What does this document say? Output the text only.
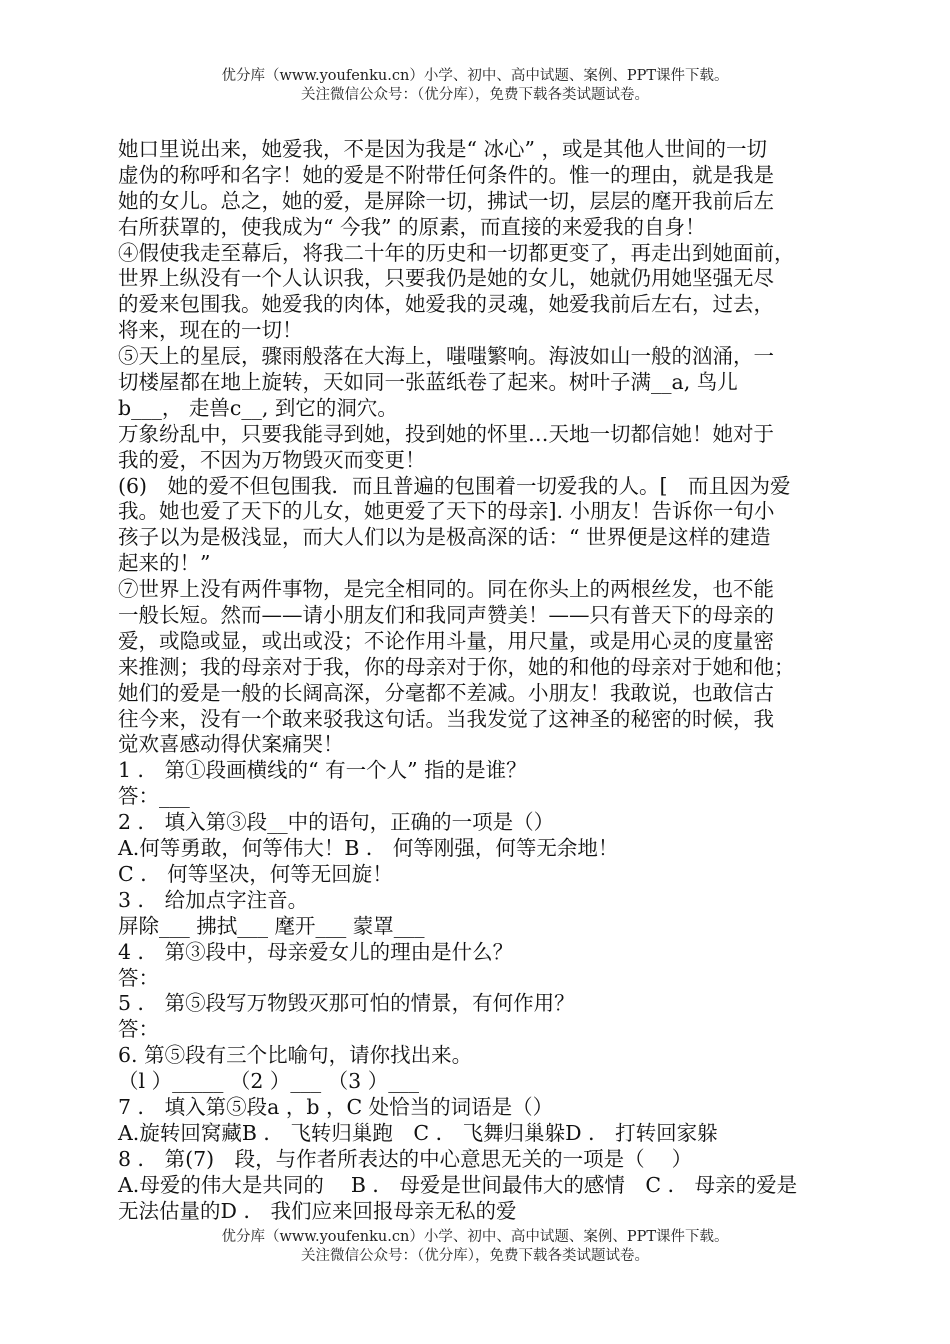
优分库（www.youfenku.cn）小学、初中、高中试题、案例、PPT课件下载。
关注微信公众号：（优分库），免费下载各类试题试卷。
她口里说出来，她爱我，不是因为我是“ 冰心” ，或是其他人世间的一切
虚伪的称呼和名字！她的爱是不附带任何条件的。惟一的理由，就是我是
她的女儿。总之，她的爱，是屏除一切，拂试一切，层层的麾开我前后左
右所获罩的，使我成为“ 今我” 的原素，而直接的来爱我的自身！
④假使我走至幕后，将我二十年的历史和一切都更变了，再走出到她面前，
世界上纵没有一个人认识我，只要我仍是她的女儿，她就仍用她坚强无尽
的爱来包围我。她爱我的肉体，她爱我的灵魂，她爱我前后左右，过去，
将来，现在的一切！
⑤天上的星辰，骤雨般落在大海上，嗤嗤繁响。海波如山一般的汹涌，一
切楼屋都在地上旋转，天如同一张蓝纸卷了起来。树叶子满__a, 鸟儿
b___， 走兽c__, 到它的洞穴。
万象纷乱中，只要我能寻到她，投到她的怀里…天地一切都信她！她对于
我的爱，不因为万物毁灭而变更！
(6)　她的爱不但包围我．而且普遍的包围着一切爱我的人。[　而且因为爱
我。她也爱了天下的儿女，她更爱了天下的母亲]. 小朋友！告诉你一句小
孩子以为是极浅显，而大人们以为是极高深的话：“ 世界便是这样的建造
起来的！”
⑦世界上没有两件事物，是完全相同的。同在你头上的两根丝发，也不能
一般长短。然而——请小朋友们和我同声赞美！——只有普天下的母亲的
爱，或隐或显，或出或没；不论作用斗量，用尺量，或是用心灵的度量密
来推测；我的母亲对于我，你的母亲对于你，她的和他的母亲对于她和他；
她们的爱是一般的长阔高深，分毫都不差减。小朋友！我敢说，也敢信古
往今来，没有一个敢来驳我这句话。当我发觉了这神圣的秘密的时候，我
觉欢喜感动得伏案痛哭！
1 ． 第①段画横线的“ 有一个人” 指的是谁？
答：___
2 ． 填入第③段__中的语句，正确的一项是（）
A.何等勇敢，何等伟大！B ． 何等刚强，何等无余地！
C ． 何等坚决，何等无回旋！
3 ． 给加点字注音。
屏除___ 拂拭___ 麾开___ 蒙罩___
4 ． 第③段中，母亲爱女儿的理由是什么？
答：
5 ． 第⑤段写万物毁灭那可怕的情景，有何作用？
答：
6. 第⑤段有三个比喻句，请你找出来。
（l ）_____ （2 ）___ （3 ）___
7 ． 填入第⑤段a ，b ，C 处恰当的词语是（）
A.旋转回窝藏B ． 飞转归巢跑　C ． 飞舞归巢躲D ． 打转回家躲
8 ． 第(7)　段，与作者所表达的中心意思无关的一项是（　 ）
A.母爱的伟大是共同的　 B ． 母爱是世间最伟大的感情　C ． 母亲的爱是
无法估量的D ． 我们应来回报母亲无私的爱
优分库（www.youfenku.cn）小学、初中、高中试题、案例、PPT课件下载。
关注微信公众号：（优分库），免费下载各类试题试卷。
